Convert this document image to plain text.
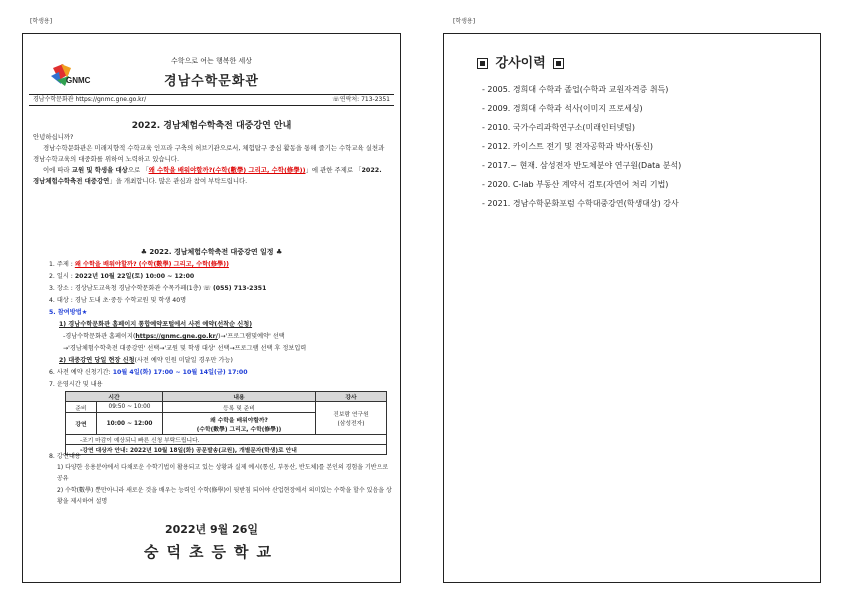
[학생용]	[학생용]
GNMC
수학으로 여는 행복한 세상
경남수학문화관
경남수학문화관 https://gnmc.gne.go.kr/	☏연락처: 713-2351
2022. 경남체험수학축전 대중강연 안내
안녕하십니까?
경남수학문화관은 미래지향적 수학교육 인프라 구축의 허브기관으로서, 체험탐구 중심 활동을 통해 즐기는 수학교육 실천과 경남수학교육의 대중화를 위하여 노력하고 있습니다.
이에 따라 교원 및 학생을 대상으로 「왜 수학을 배워야할까?(수학(數學) 그리고, 수학(修學))」에 관한 주제로 「2022. 경남체험수학축전 대중강연」을 개최합니다. 많은 관심과 참여 부탁드립니다.
♣ 2022. 경남체험수학축전 대중강연 일정 ♣
1. 주제 : 왜 수학을 배워야할까? (수학(數學) 그리고, 수학(修學))
2. 일시 : 2022년 10월 22일(토) 10:00 ~ 12:00
3. 장소 : 경상남도교육청 경남수학문화관 수목카페(1층) ☏ (055) 713-2351
4. 대상 : 경남 도내 초·중등 수학교원 및 학생 40명
5. 참여방법★
1) 경남수학문화관 홈페이지 통합예약포털에서 사전 예약(선착순 신청)
-경남수학문화관 홈페이지(https://gnmc.gne.go.kr/)→'프로그램및예약' 선택
→'경남체험수학축전 대중강연' 선택→'교원 및 학생 대상' 선택→프로그램 선택 후 정보입력
2) 대중강연 당일 현장 신청(사전 예약 인원 미달일 경우만 가능)
6. 사전 예약 신청기간: 10월 4일(화) 17:00 ~ 10월 14일(금) 17:00
7. 운영시간 및 내용
시간		내용	강사
준비	09:50 ~ 10:00	등록 및 준비	진보람 연구원
(삼성전자)

강연	10:00 ~ 12:00	왜 수학을 배워야할까?
(수학(數學) 그리고, 수학(修學))	

-조기 마감이 예상되니 빠른 신청 부탁드립니다.			
-강연 대상자 안내: 2022년 10월 18일(화) 공문발송(교원), 개별문자(학생)로 안내			
8. 강연내용
1) 다양한 응용분야에서 다채로운 수학기법이 활용되고 있는 상황과 실제 예시(통신, 부동산, 반도체)를 본인의 경험을 기반으로 공유
2) 수학(數學) 뿐만아니라 새로운 것을 배우는 능력인 수학(修學)이 뒷받침 되어야 산업현장에서 의미있는 수학을 할수 있음을 상황을 제시하여 설명
2022년 9월 26일
숭덕초등학교
강사이력
- 2005. 경희대 수학과 졸업(수학과 교원자격증 취득)
- 2009. 경희대 수학과 석사(이미지 프로세싱)
- 2010. 국가수리과학연구소(미래인터넷팀)
- 2012. 카이스트 전기 및 전자공학과 박사(통신)
- 2017.~ 현재. 삼성전자 반도체분야 연구원(Data 분석)
- 2020. C-lab 부동산 계약서 검토(자연어 처리 기법)
- 2021. 경남수학문화포럼 수학대중강연(학생대상) 강사
